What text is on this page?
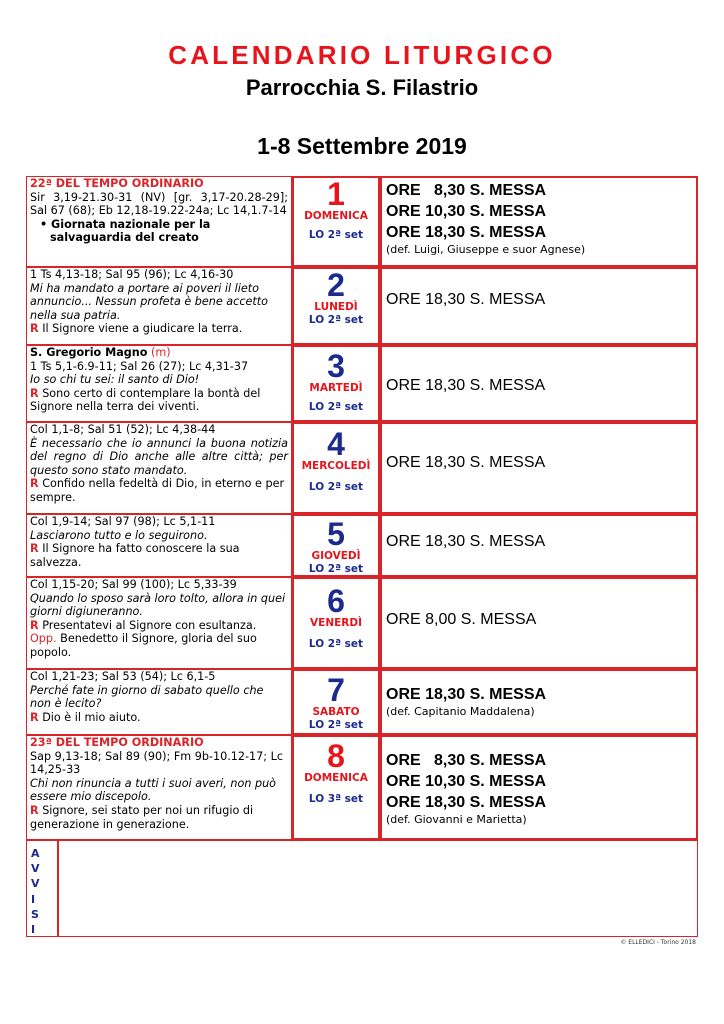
CALENDARIO LITURGICO
Parrocchia S. Filastrio
1-8 Settembre 2019
22ª DEL TEMPO ORDINARIO
Sir 3,19-21.30-31 (NV) [gr. 3,17-20.28-29]; Sal 67 (68); Eb 12,18-19.22-24a; Lc 14,1.7-14
• Giornata nazionale per la salvaguardia del creato
1
DOMENICA
LO 2ª set
ORE   8,30 S. MESSA
ORE 10,30 S. MESSA
ORE 18,30 S. MESSA
(def. Luigi, Giuseppe e suor Agnese)
1 Ts 4,13-18; Sal 95 (96); Lc 4,16-30
Mi ha mandato a portare ai poveri il lieto annuncio... Nessun profeta è bene accetto nella sua patria.
R Il Signore viene a giudicare la terra.
2
LUNEDÌ
LO 2ª set
ORE 18,30 S. MESSA
S. Gregorio Magno (m)
1 Ts 5,1-6.9-11; Sal 26 (27); Lc 4,31-37
Io so chi tu sei: il santo di Dio!
R Sono certo di contemplare la bontà del Signore nella terra dei viventi.
3
MARTEDÌ
LO 2ª set
ORE 18,30 S. MESSA
Col 1,1-8; Sal 51 (52); Lc 4,38-44
È necessario che io annunci la buona notizia del regno di Dio anche alle altre città; per questo sono stato mandato.
R Confido nella fedeltà di Dio, in eterno e per sempre.
4
MERCOLEDÌ
LO 2ª set
ORE 18,30 S. MESSA
Col 1,9-14; Sal 97 (98); Lc 5,1-11
Lasciarono tutto e lo seguirono.
R Il Signore ha fatto conoscere la sua salvezza.
5
GIOVEDÌ
LO 2ª set
ORE 18,30 S. MESSA
Col 1,15-20; Sal 99 (100); Lc 5,33-39
Quando lo sposo sarà loro tolto, allora in quei giorni digiuneranno.
R Presentatevi al Signore con esultanza.
Opp. Benedetto il Signore, gloria del suo popolo.
6
VENERDÌ
LO 2ª set
ORE 8,00 S. MESSA
Col 1,21-23; Sal 53 (54); Lc 6,1-5
Perché fate in giorno di sabato quello che non è lecito?
R Dio è il mio aiuto.
7
SABATO
LO 2ª set
ORE 18,30 S. MESSA
(def. Capitanio Maddalena)
23ª DEL TEMPO ORDINARIO
Sap 9,13-18; Sal 89 (90); Fm 9b-10.12-17; Lc 14,25-33
Chi non rinuncia a tutti i suoi averi, non può essere mio discepolo.
R Signore, sei stato per noi un rifugio di generazione in generazione.
8
DOMENICA
LO 3ª set
ORE   8,30 S. MESSA
ORE 10,30 S. MESSA
ORE 18,30 S. MESSA
(def. Giovanni e Marietta)
A
V
V
I
S
I
© ELLEDICI - Torino 2018
